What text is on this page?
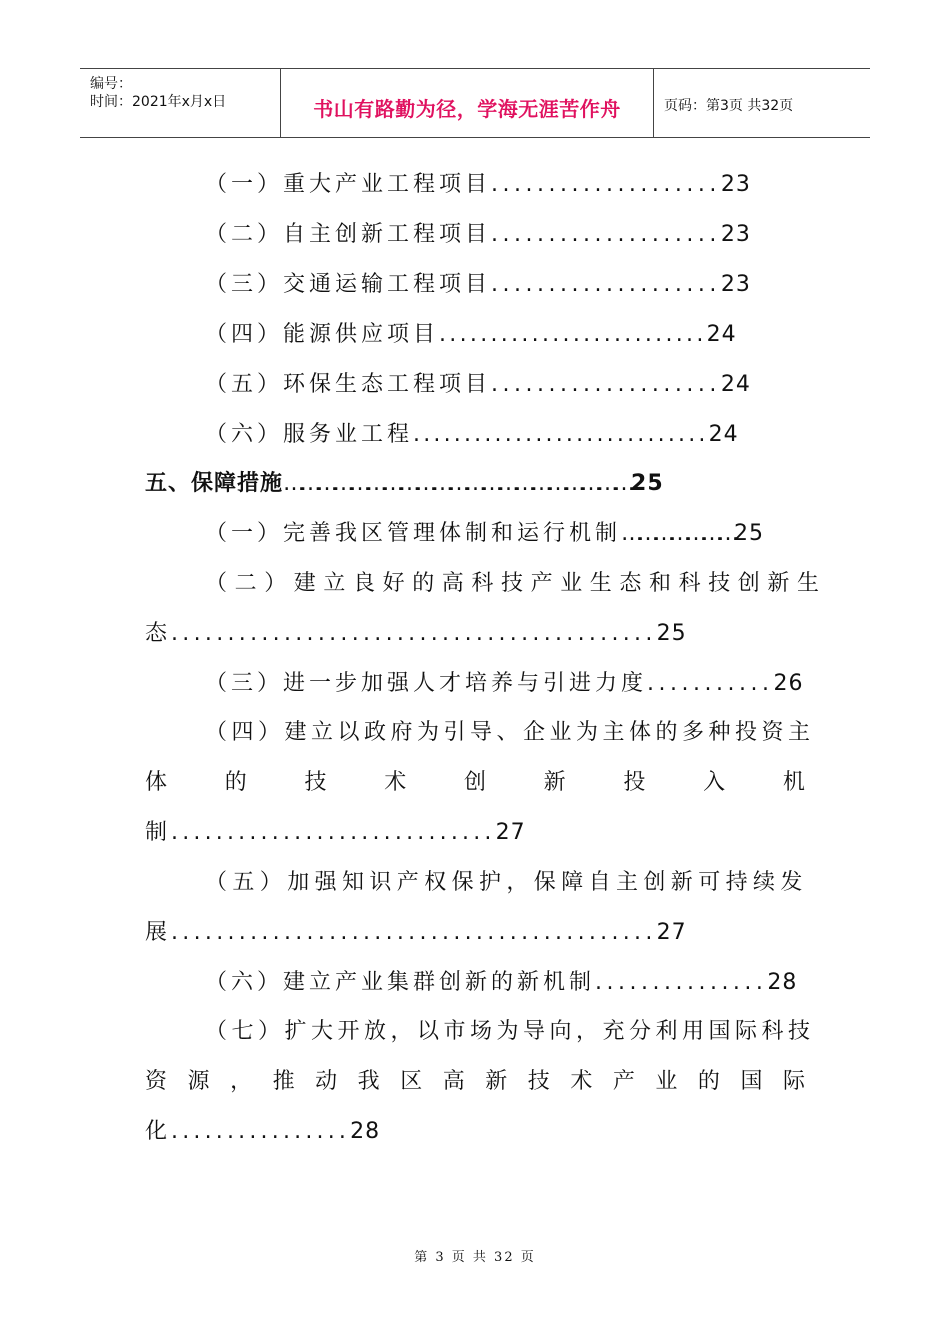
编号：
时间：2021年x月x日	书山有路勤为径，学海无涯苦作舟	页码：第3页 共32页
（一）重大产业工程项目....................23
（二）自主创新工程项目....................23
（三）交通运输工程项目....................23
（四）能源供应项目..........................24
（五）环保生态工程项目....................24
（六）服务业工程.............................24
五、保障措施……………………………………………………….25
（一）完善我区管理体制和运行机制………………….25
（二）建立良好的高科技产业生态和科技创新生
态...........................................25
（三）进一步加强人才培养与引进力度...........26
（四）建立以政府为引导、企业为主体的多种投资主
体	的	技	术	创	新	投	入	机
制.............................27
（五）加强知识产权保护，保障自主创新可持续发
展...........................................27
（六）建立产业集群创新的新机制...............28
（七）扩大开放，以市场为导向，充分利用国际科技
资 源 ， 推 动 我 区 高 新 技 术 产 业 的 国 际
化................28
第 3 页 共 32 页
